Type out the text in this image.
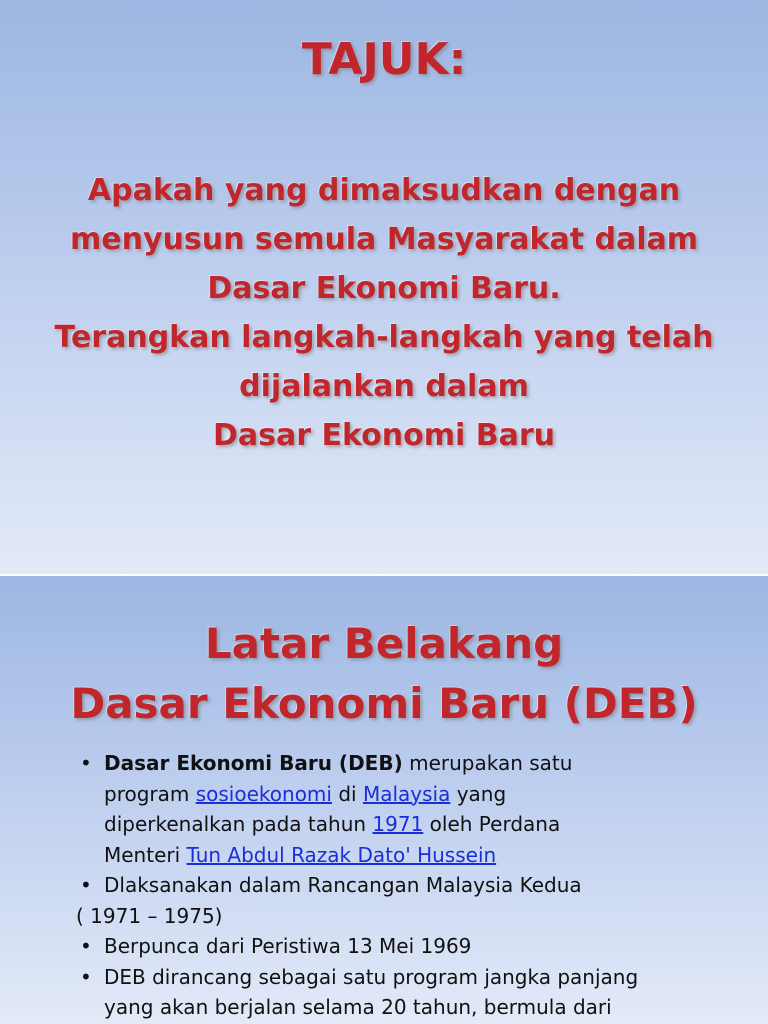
TAJUK:
Apakah yang dimaksudkan dengan
menyusun semula Masyarakat dalam
Dasar Ekonomi Baru.
Terangkan langkah-langkah yang telah
dijalankan dalam
Dasar Ekonomi Baru
Latar Belakang
Dasar Ekonomi Baru (DEB)
• Dasar Ekonomi Baru (DEB) merupakan satu
program sosioekonomi di Malaysia yang
diperkenalkan pada tahun 1971 oleh Perdana
Menteri Tun Abdul Razak Dato' Hussein
• Dlaksanakan dalam Rancangan Malaysia Kedua
( 1971 – 1975)
• Berpunca dari Peristiwa 13 Mei 1969
• DEB dirancang sebagai satu program jangka panjang
yang akan berjalan selama 20 tahun, bermula dari
